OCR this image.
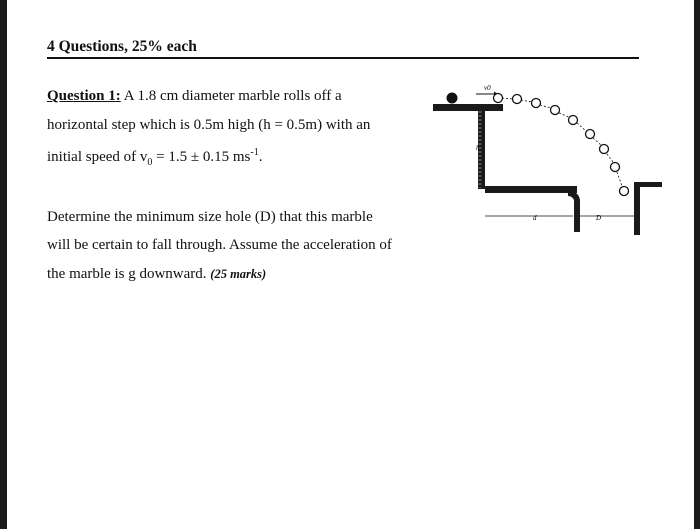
4 Questions, 25% each
Question 1: A 1.8 cm diameter marble rolls off a
horizontal step which is 0.5m high (h = 0.5m) with an
initial speed of $v_0 = 1.5 \pm 0.15$ $ms^{-1}$.
Determine the minimum size hole (D) that this marble
will be certain to fall through. Assume the acceleration of
the marble is g downward. (25 marks)
v0
h
d	D
